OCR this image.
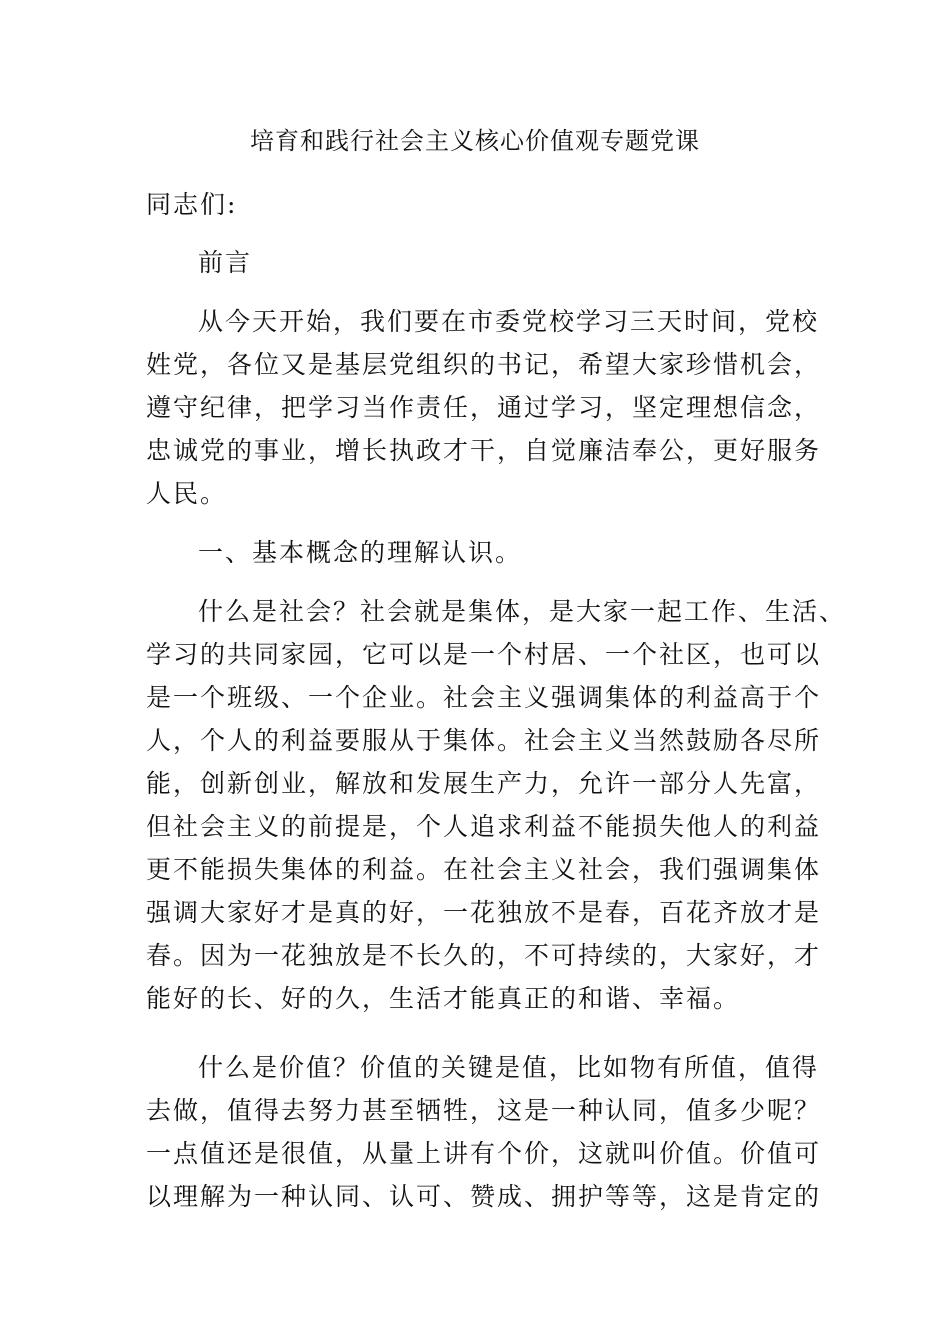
培育和践行社会主义核心价值观专题党课
同志们:
前言
从今天开始，我们要在市委党校学习三天时间，党校
姓党，各位又是基层党组织的书记，希望大家珍惜机会，
遵守纪律，把学习当作责任，通过学习，坚定理想信念，
忠诚党的事业，增长执政才干，自觉廉洁奉公，更好服务
人民。
一、基本概念的理解认识。
什么是社会？社会就是集体，是大家一起工作、生活、
学习的共同家园，它可以是一个村居、一个社区，也可以
是一个班级、一个企业。社会主义强调集体的利益高于个
人，个人的利益要服从于集体。社会主义当然鼓励各尽所
能，创新创业，解放和发展生产力，允许一部分人先富，
但社会主义的前提是，个人追求利益不能损失他人的利益
更不能损失集体的利益。在社会主义社会，我们强调集体
强调大家好才是真的好，一花独放不是春，百花齐放才是
春。因为一花独放是不长久的，不可持续的，大家好，才
能好的长、好的久，生活才能真正的和谐、幸福。
什么是价值？价值的关键是值，比如物有所值，值得
去做，值得去努力甚至牺牲，这是一种认同，值多少呢？
一点值还是很值，从量上讲有个价，这就叫价值。价值可
以理解为一种认同、认可、赞成、拥护等等，这是肯定的
